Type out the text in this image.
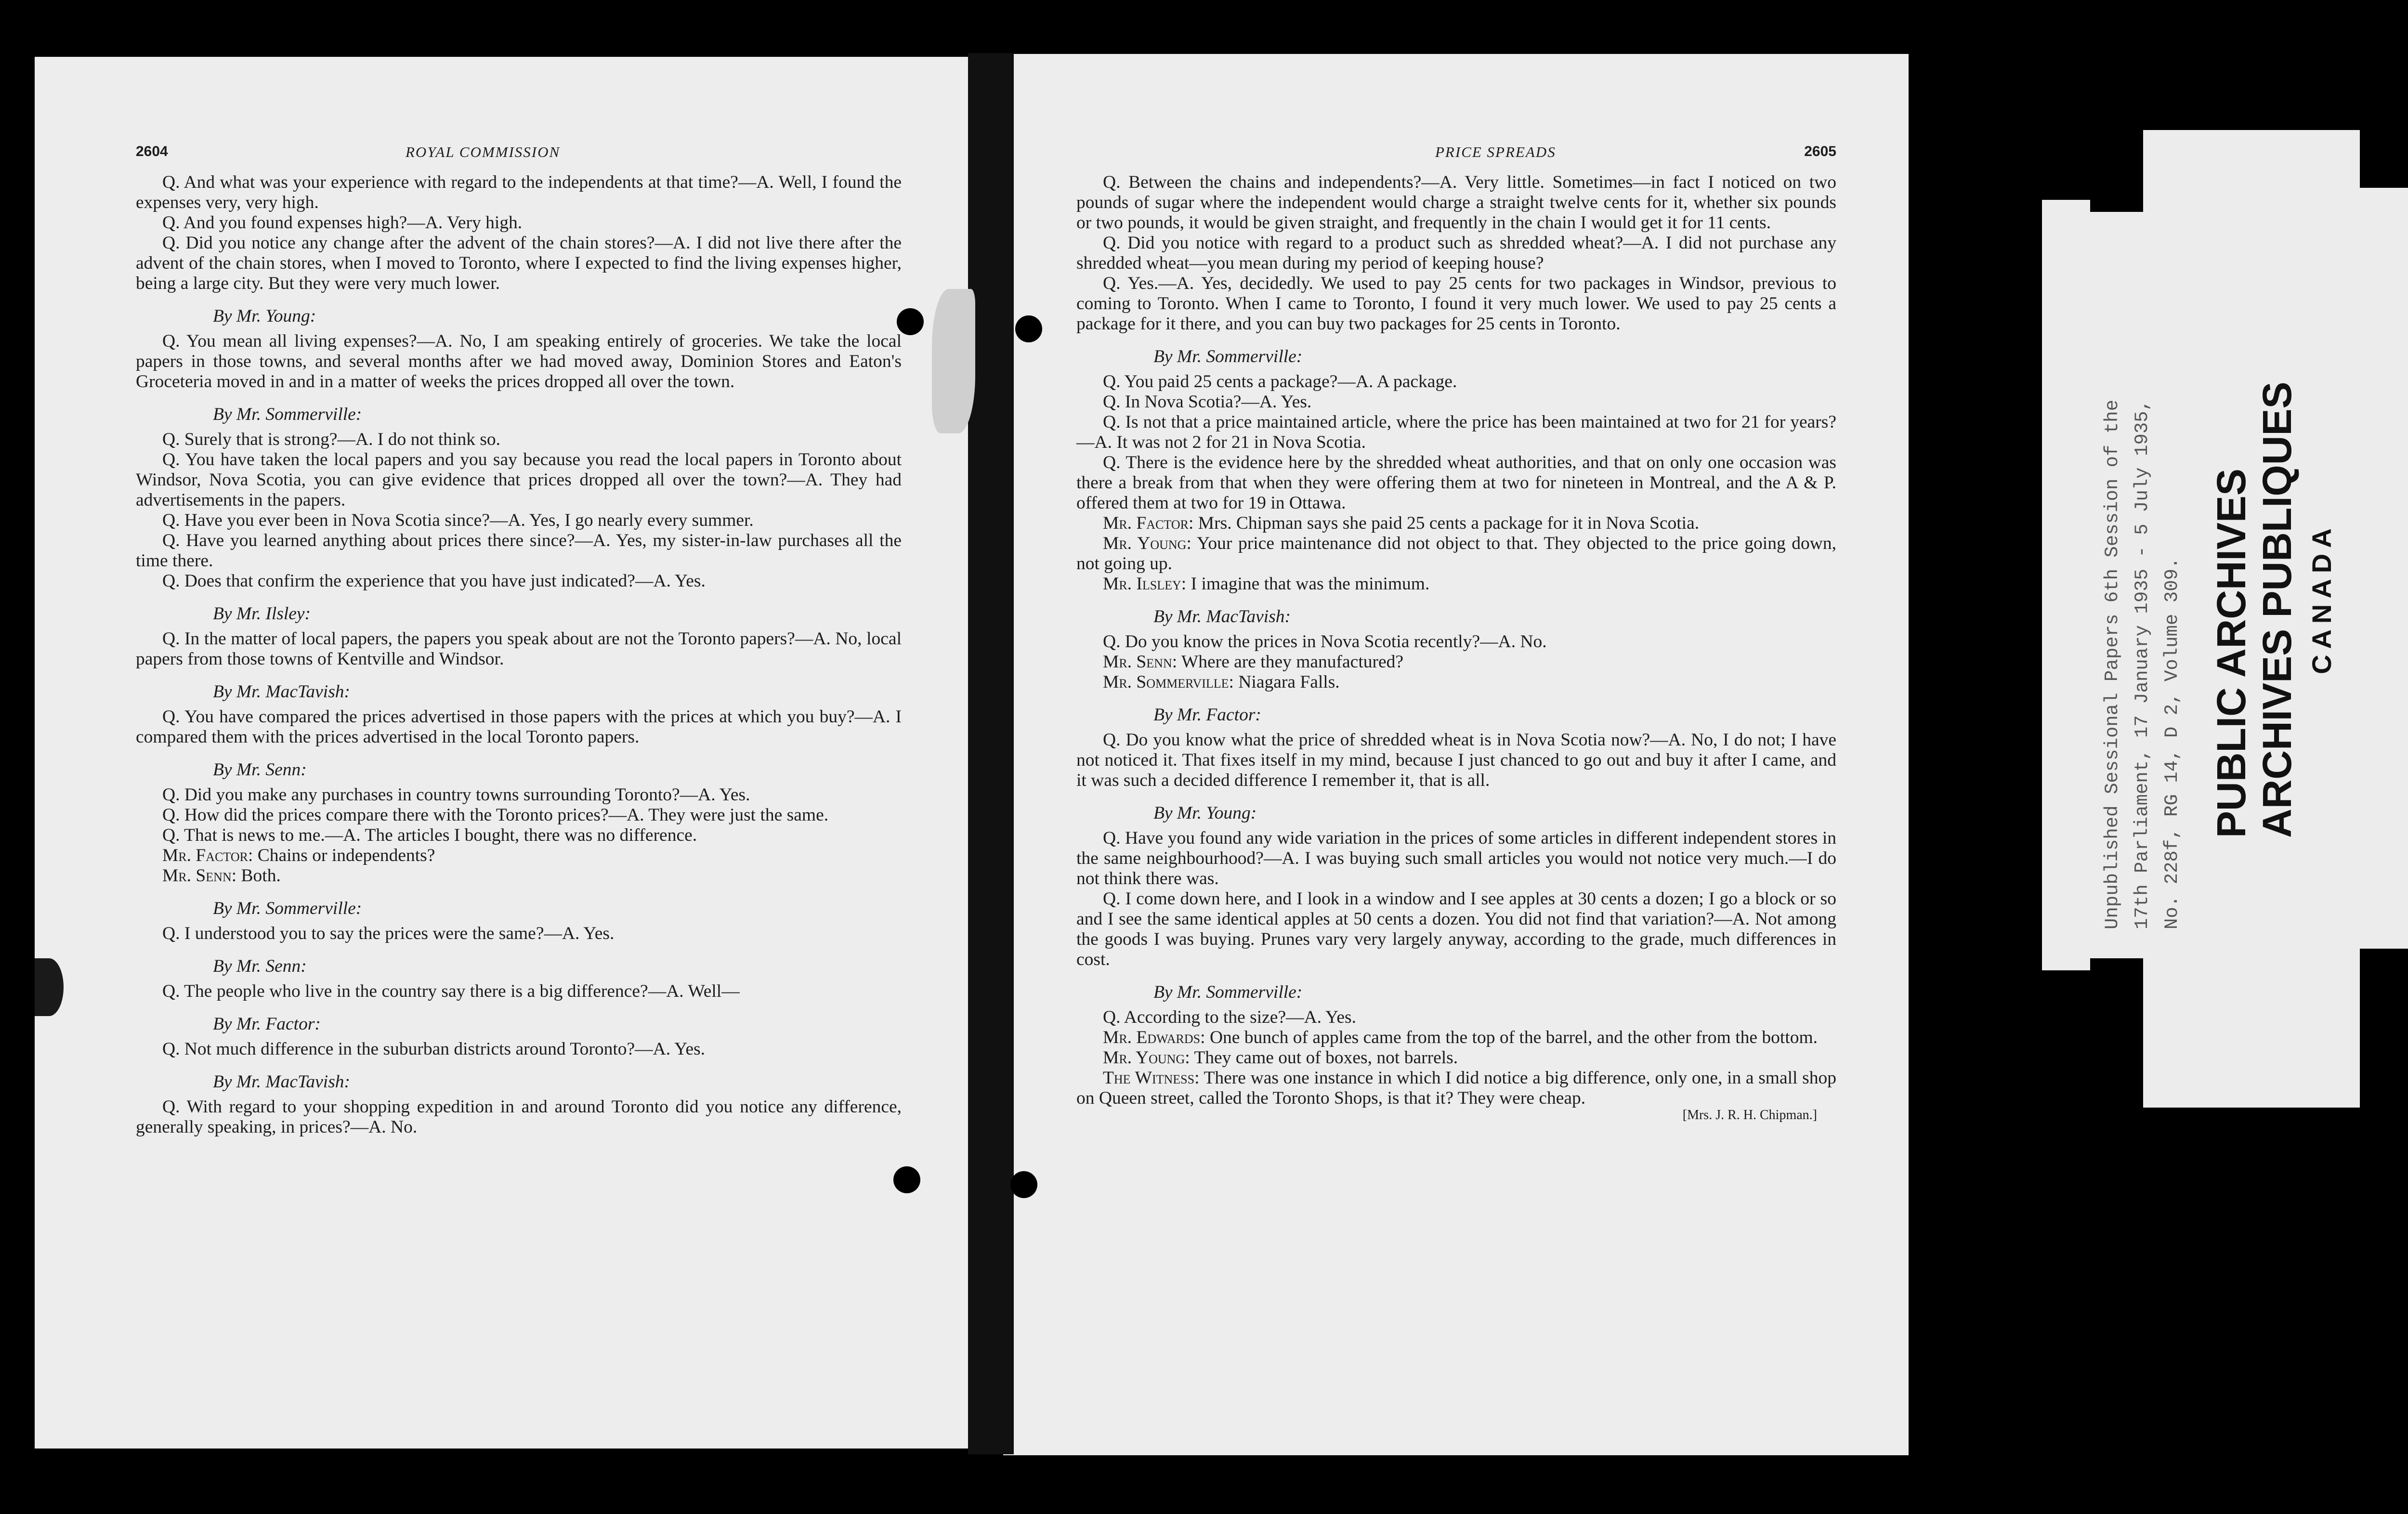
2604	ROYAL COMMISSION

Q. And what was your experience with regard to the independents at that time?—A. Well, I found the expenses very, very high.

Q. And you found expenses high?—A. Very high.

Q. Did you notice any change after the advent of the chain stores?—A. I did not live there after the advent of the chain stores, when I moved to Toronto, where I expected to find the living expenses higher, being a large city. But they were very much lower.

By Mr. Young:

Q. You mean all living expenses?—A. No, I am speaking entirely of groceries. We take the local papers in those towns, and several months after we had moved away, Dominion Stores and Eaton's Groceteria moved in and in a matter of weeks the prices dropped all over the town.

By Mr. Sommerville:

Q. Surely that is strong?—A. I do not think so.

Q. You have taken the local papers and you say because you read the local papers in Toronto about Windsor, Nova Scotia, you can give evidence that prices dropped all over the town?—A. They had advertisements in the papers.

Q. Have you ever been in Nova Scotia since?—A. Yes, I go nearly every summer.

Q. Have you learned anything about prices there since?—A. Yes, my sister-in-law purchases all the time there.

Q. Does that confirm the experience that you have just indicated?—A. Yes.

By Mr. Ilsley:

Q. In the matter of local papers, the papers you speak about are not the Toronto papers?—A. No, local papers from those towns of Kentville and Windsor.

By Mr. MacTavish:

Q. You have compared the prices advertised in those papers with the prices at which you buy?—A. I compared them with the prices advertised in the local Toronto papers.

By Mr. Senn:

Q. Did you make any purchases in country towns surrounding Toronto?—A. Yes.

Q. How did the prices compare there with the Toronto prices?—A. They were just the same.

Q. That is news to me.—A. The articles I bought, there was no difference.

Mr. Factor: Chains or independents?

Mr. Senn: Both.

By Mr. Sommerville:

Q. I understood you to say the prices were the same?—A. Yes.

By Mr. Senn:

Q. The people who live in the country say there is a big difference?—A. Well—

By Mr. Factor:

Q. Not much difference in the suburban districts around Toronto?—A. Yes.

By Mr. MacTavish:

Q. With regard to your shopping expedition in and around Toronto did you notice any difference, generally speaking, in prices?—A. No.

PRICE SPREADS	2605

Q. Between the chains and independents?—A. Very little. Sometimes—in fact I noticed on two pounds of sugar where the independent would charge a straight twelve cents for it, whether six pounds or two pounds, it would be given straight, and frequently in the chain I would get it for 11 cents.

Q. Did you notice with regard to a product such as shredded wheat?—A. I did not purchase any shredded wheat—you mean during my period of keeping house?

Q. Yes.—A. Yes, decidedly. We used to pay 25 cents for two packages in Windsor, previous to coming to Toronto. When I came to Toronto, I found it very much lower. We used to pay 25 cents a package for it there, and you can buy two packages for 25 cents in Toronto.

By Mr. Sommerville:

Q. You paid 25 cents a package?—A. A package.

Q. In Nova Scotia?—A. Yes.

Q. Is not that a price maintained article, where the price has been maintained at two for 21 for years?—A. It was not 2 for 21 in Nova Scotia.

Q. There is the evidence here by the shredded wheat authorities, and that on only one occasion was there a break from that when they were offering them at two for nineteen in Montreal, and the A & P. offered them at two for 19 in Ottawa.

Mr. Factor: Mrs. Chipman says she paid 25 cents a package for it in Nova Scotia.

Mr. Young: Your price maintenance did not object to that. They objected to the price going down, not going up.

Mr. Ilsley: I imagine that was the minimum.

By Mr. MacTavish:

Q. Do you know the prices in Nova Scotia recently?—A. No.

Mr. Senn: Where are they manufactured?

Mr. Sommerville: Niagara Falls.

By Mr. Factor:

Q. Do you know what the price of shredded wheat is in Nova Scotia now?—A. No, I do not; I have not noticed it. That fixes itself in my mind, because I just chanced to go out and buy it after I came, and it was such a decided difference I remember it, that is all.

By Mr. Young:

Q. Have you found any wide variation in the prices of some articles in different independent stores in the same neighbourhood?—A. I was buying such small articles you would not notice very much.—I do not think there was.

Q. I come down here, and I look in a window and I see apples at 30 cents a dozen; I go a block or so and I see the same identical apples at 50 cents a dozen. You did not find that variation?—A. Not among the goods I was buying. Prunes vary very largely anyway, according to the grade, much differences in cost.

By Mr. Sommerville:

Q. According to the size?—A. Yes.

Mr. Edwards: One bunch of apples came from the top of the barrel, and the other from the bottom.

Mr. Young: They came out of boxes, not barrels.

The Witness: There was one instance in which I did notice a big difference, only one, in a small shop on Queen street, called the Toronto Shops, is that it? They were cheap.

[Mrs. J. R. H. Chipman.]
Unpublished Sessional Papers 6th Session of the 17th Parliament, 17 January 1935 - 5 July 1935, No. 228f, RG 14, D 2, Volume 309. PUBLIC ARCHIVES ARCHIVES PUBLIQUES CANADA
